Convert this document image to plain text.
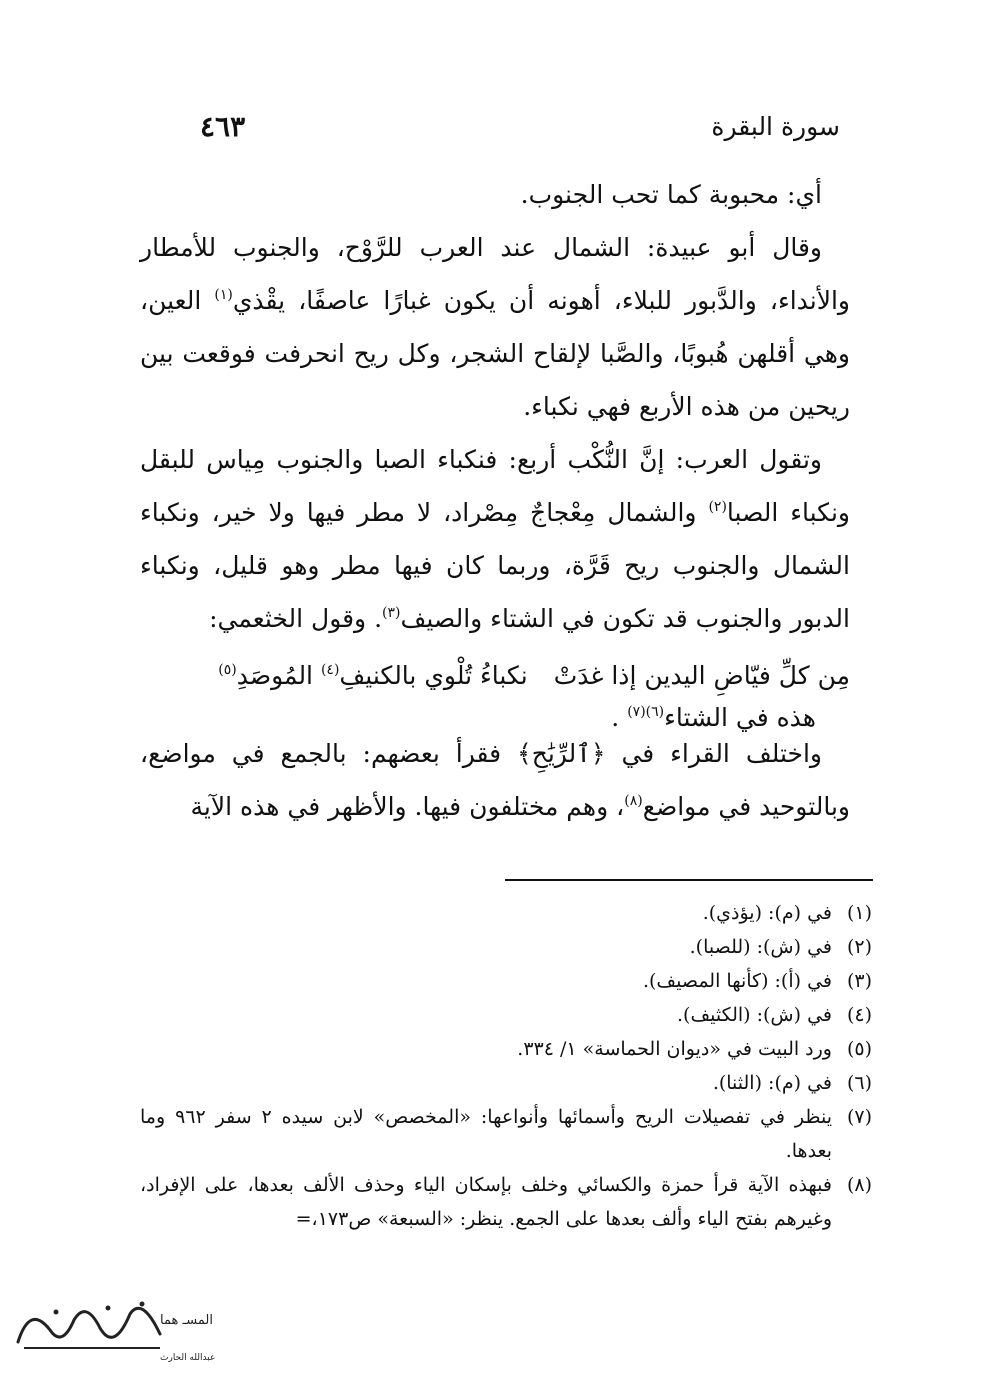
سورة البقرة
٤٦٣

أي: محبوبة كما تحب الجنوب.

وقال أبو عبيدة: الشمال عند العرب للرَّوْح، والجنوب للأمطار والأنداء، والدَّبور للبلاء، أهونه أن يكون غبارًا عاصفًا، يقْذي$^{(١)}$ العين، وهي أقلهن هُبوبًا، والصَّبا لإلقاح الشجر، وكل ريح انحرفت فوقعت بين ريحين من هذه الأربع فهي نكباء.

وتقول العرب: إنَّ النُّكْب أربع: فنكباء الصبا والجنوب مِياس للبقل ونكباء الصبا$^{(٢)}$ والشمال مِعْجاجٌ مِصْراد، لا مطر فيها ولا خير، ونكباء الشمال والجنوب ريح قَرَّة، وربما كان فيها مطر وهو قليل، ونكباء الدبور والجنوب قد تكون في الشتاء والصيف$^{(٣)}$. وقول الخثعمي:

مِن كلِّ فيّاضِ اليدين إذا غدَتْنكباءُ تُلْوي بالكنيفِ$^{(٤)}$ المُوصَدِ$^{(٥)}$
هذه في الشتاء$^{(٦)(٧)}$ .

واختلف القراء في ﴿ٱلرِّيَٰحِ﴾ فقرأ بعضهم: بالجمع في مواضع، وبالتوحيد في مواضع$^{(٨)}$، وهم مختلفون فيها. والأظهر في هذه الآية

(١)
في (م): (يؤذي).
(٢)
في (ش): (للصبا).
(٣)
في (أ): (كأنها المصيف).
(٤)
في (ش): (الكثيف).
(٥)
ورد البيت في «ديوان الحماسة» ١/ ٣٣٤.
(٦)
في (م): (الثنا).
(٧)
ينظر في تفصيلات الريح وأسمائها وأنواعها: «المخصص» لابن سيده ٢ سفر ٩٦٢ وما بعدها.
(٨)
فبهذه الآية قرأ حمزة والكسائي وخلف بإسكان الياء وحذف الألف بعدها، على الإفراد، وغيرهم بفتح الياء وألف بعدها على الجمع. ينظر: «السبعة» ص١٧٣،=
المسـ هما
عبدالله الحارث
